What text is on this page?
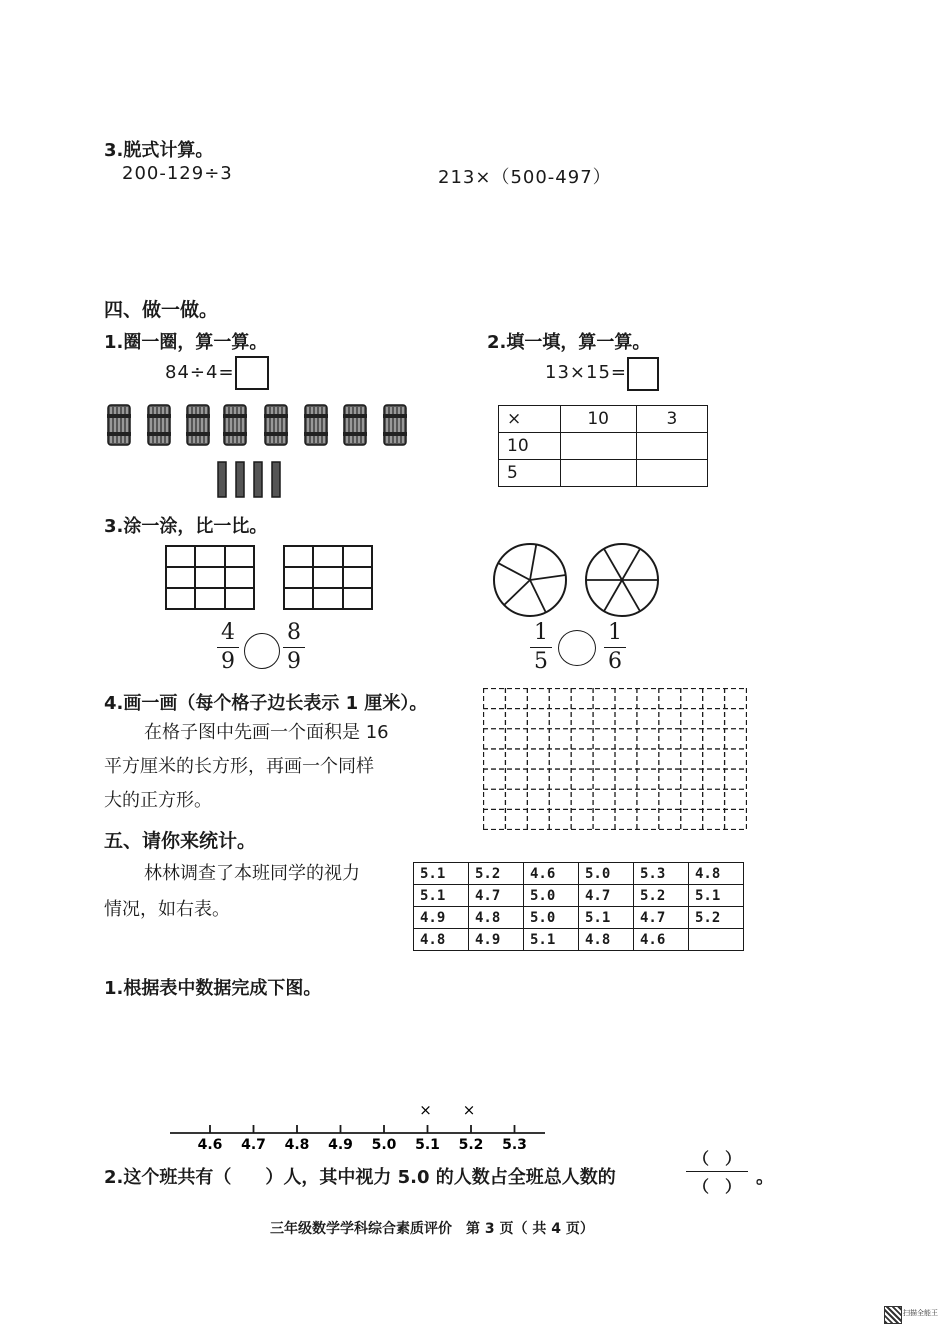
3.脱式计算。
200-129÷3	213×（500-497）
四、做一做。
1.圈一圈，算一算。
84÷4=
2.填一填，算一算。
13×15=
×	10	3
10		
5		
3.涂一涂，比一比。
4
9
8
9
1
5
1
6
4.画一画（每个格子边长表示 1 厘米）。
在格子图中先画一个面积是 16
平方厘米的长方形，再画一个同样
大的正方形。
五、请你来统计。
林林调查了本班同学的视力
情况，如右表。
5.1	5.2	4.6	5.0	5.3	4.8
5.1	4.7	5.0	4.7	5.2	5.1
4.9	4.8	5.0	5.1	4.7	5.2
4.8	4.9	5.1	4.8	4.6	
1.根据表中数据完成下图。
4.6 4.7 4.8 4.9 5.0 5.1 5.2 5.3
× ×
2.这个班共有（ ）人，其中视力 5.0 的人数占全班总人数的
（　）
（　） 。
三年级数学学科综合素质评价　第 3 页（ 共 4 页）
扫描全能王
